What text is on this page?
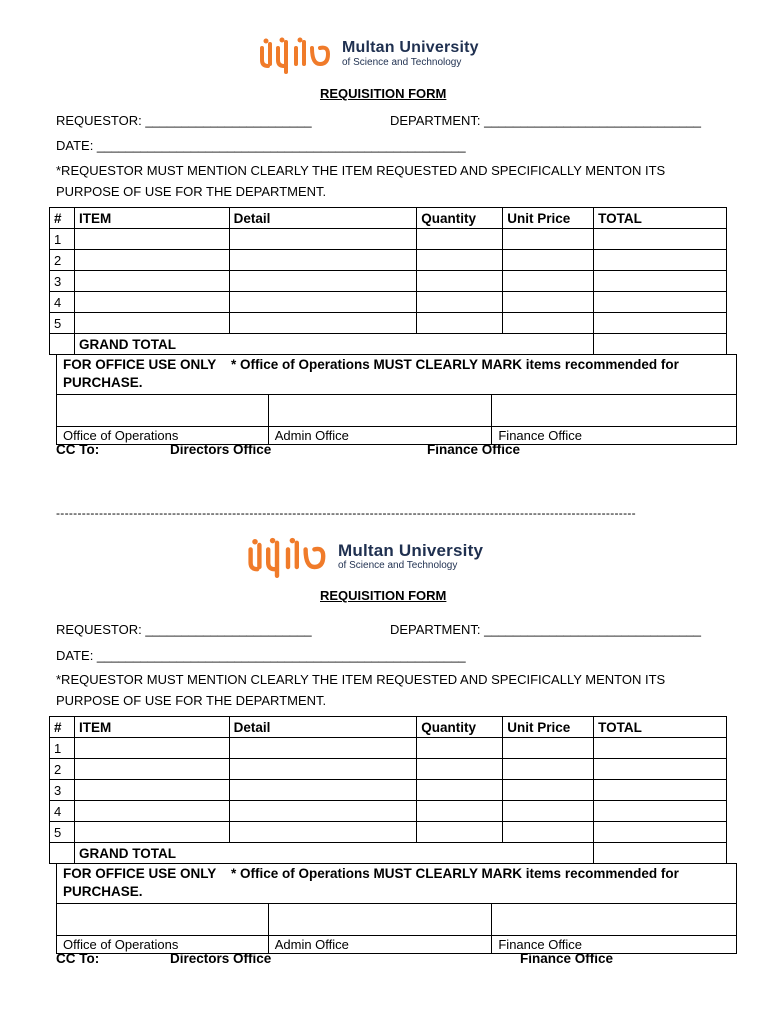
Multan University
of Science and Technology
REQUISITION FORM
REQUESTOR: _______________________	DEPARTMENT: ______________________________
DATE: ___________________________________________________
*REQUESTOR MUST MENTION CLEARLY THE ITEM REQUESTED AND SPECIFICALLY MENTON ITS
PURPOSE OF USE FOR THE DEPARTMENT.
#	ITEM	Detail	Quantity	Unit Price	TOTAL
1					
2					
3					
4					
5					
	GRAND TOTAL				
FOR OFFICE USE ONLY    * Office of Operations MUST CLEARLY MARK items recommended for
PURCHASE.		

Office of Operations	Admin Office	Finance Office
CC To:	Directors Office	Finance Office
---------------------------------------------------------------------------------------------------------------------------------------
Multan University
of Science and Technology
REQUISITION FORM
REQUESTOR: _______________________	DEPARTMENT: ______________________________
DATE: ___________________________________________________
*REQUESTOR MUST MENTION CLEARLY THE ITEM REQUESTED AND SPECIFICALLY MENTON ITS
PURPOSE OF USE FOR THE DEPARTMENT.
#	ITEM	Detail	Quantity	Unit Price	TOTAL
1					
2					
3					
4					
5					
	GRAND TOTAL				
FOR OFFICE USE ONLY    * Office of Operations MUST CLEARLY MARK items recommended for
PURCHASE.		

Office of Operations	Admin Office	Finance Office
CC To:	Directors Office	Finance Office
